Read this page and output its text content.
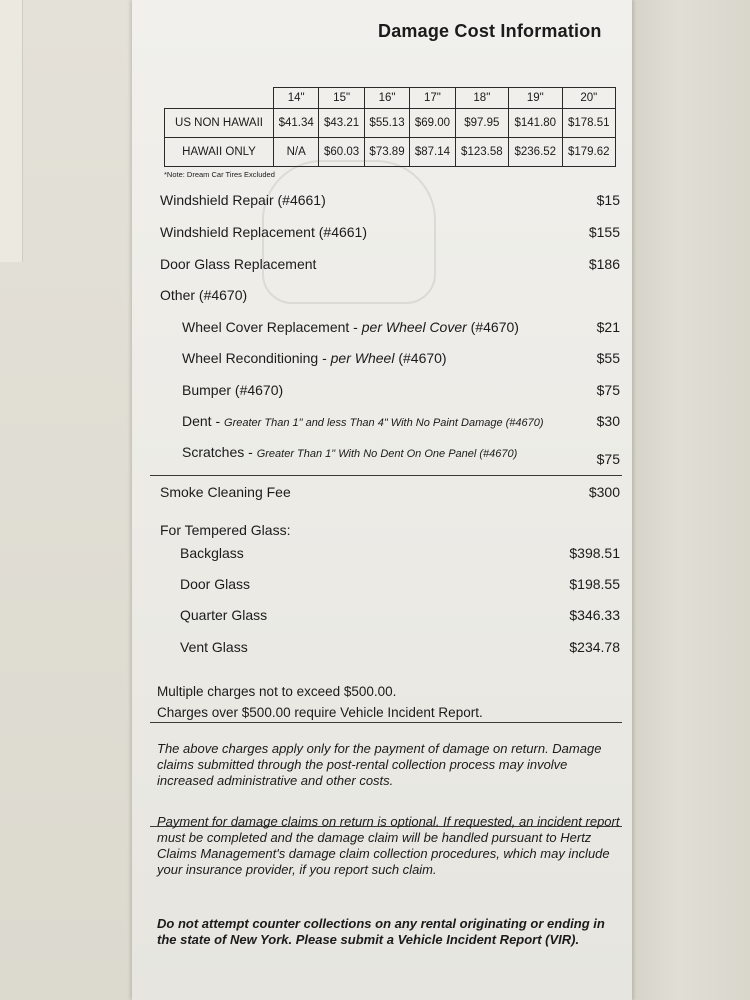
Damage Cost Information
	14"	15"	16"	17"	18"	19"	20"
US NON HAWAII	$41.34	$43.21	$55.13	$69.00	$97.95	$141.80	$178.51
HAWAII ONLY	N/A	$60.03	$73.89	$87.14	$123.58	$236.52	$179.62
*Note: Dream Car Tires Excluded
Windshield Repair (#4661)	$15
Windshield Replacement (#4661)	$155
Door Glass Replacement	$186
Other (#4670)
Wheel Cover Replacement - per Wheel Cover (#4670)	$21
Wheel Reconditioning - per Wheel (#4670)	$55
Bumper (#4670)	$75
Dent - Greater Than 1" and less Than 4" With No Paint Damage (#4670)	$30
Scratches - Greater Than 1" With No Dent On One Panel (#4670)	$75
Smoke Cleaning Fee	$300
For Tempered Glass:
Backglass	$398.51
Door Glass	$198.55
Quarter Glass	$346.33
Vent Glass	$234.78
Multiple charges not to exceed $500.00.
Charges over $500.00 require Vehicle Incident Report.
The above charges apply only for the payment of damage on return. Damage claims submitted through the post-rental collection process may involve increased administrative and other costs.
Payment for damage claims on return is optional. If requested, an incident report must be completed and the damage claim will be handled pursuant to Hertz Claims Management's damage claim collection procedures, which may include your insurance provider, if you report such claim.
Do not attempt counter collections on any rental originating or ending in the state of New York. Please submit a Vehicle Incident Report (VIR).
